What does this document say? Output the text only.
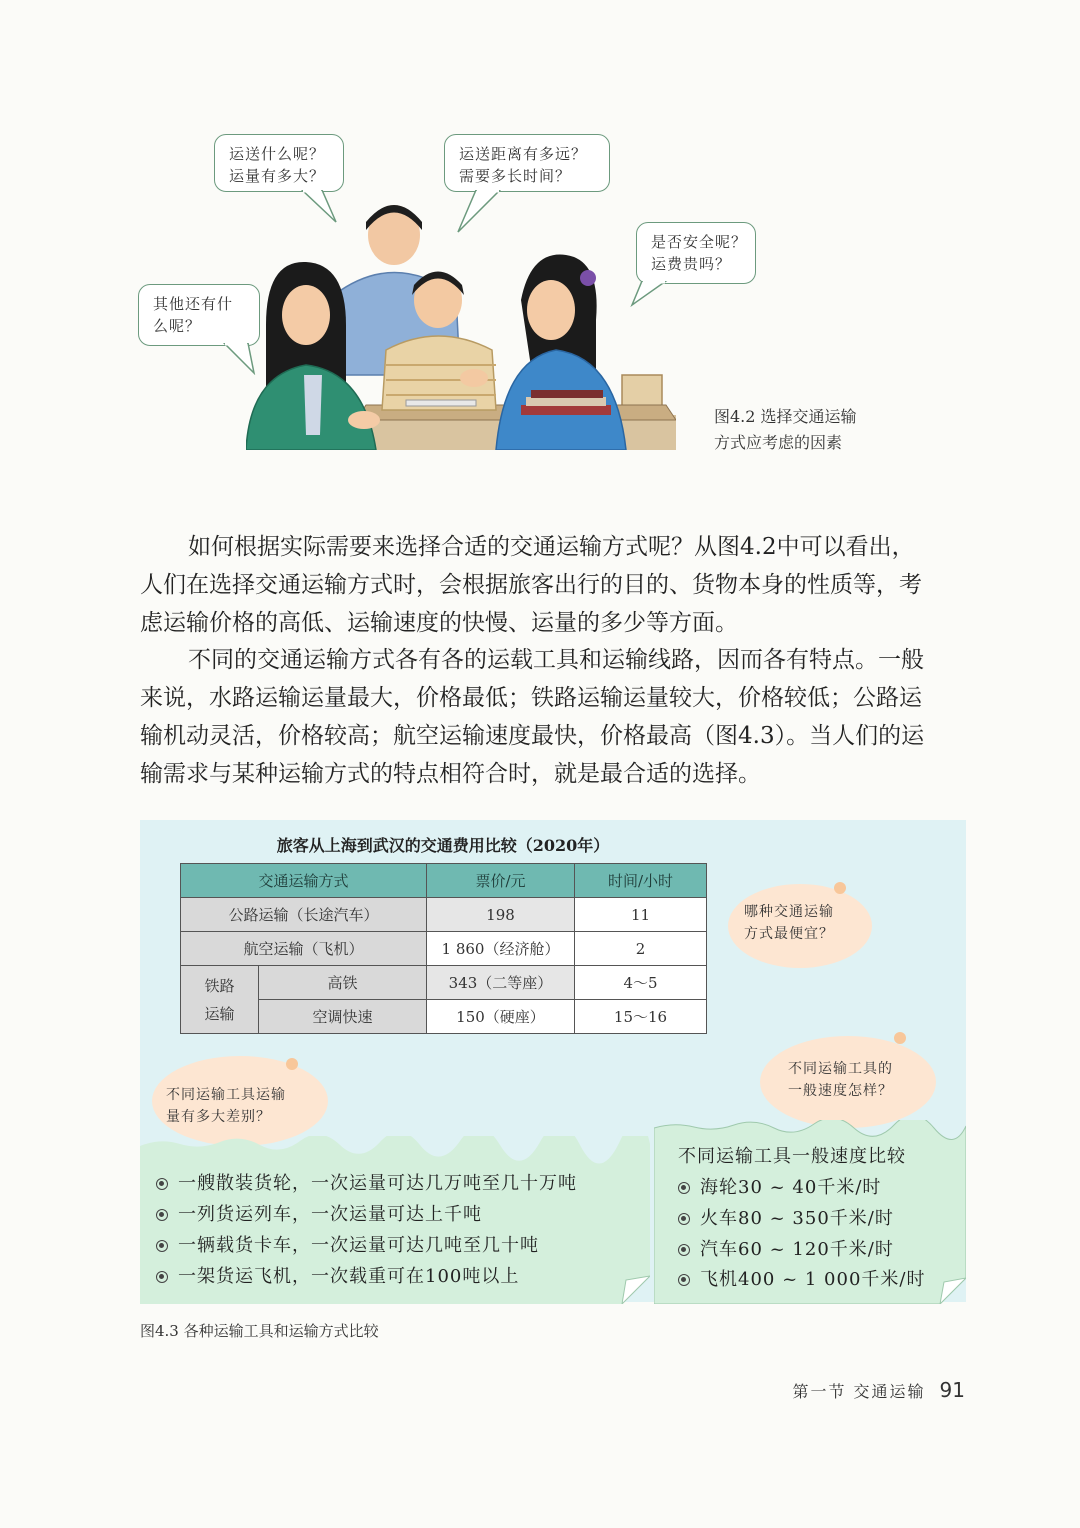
运送什么呢？
运量有多大？
运送距离有多远？
需要多长时间？
是否安全呢？
运费贵吗？
其他还有什
么呢？
图4.2 选择交通运输
方式应考虑的因素
如何根据实际需要来选择合适的交通运输方式呢？从图4.2中可以看出，
人们在选择交通运输方式时，会根据旅客出行的目的、货物本身的性质等，考
虑运输价格的高低、运输速度的快慢、运量的多少等方面。
不同的交通运输方式各有各的运载工具和运输线路，因而各有特点。一般
来说，水路运输运量最大，价格最低；铁路运输运量较大，价格较低；公路运
输机动灵活，价格较高；航空运输速度最快，价格最高（图4.3）。当人们的运
输需求与某种运输方式的特点相符合时，就是最合适的选择。
旅客从上海到武汉的交通费用比较（2020年）
交通运输方式		票价/元	时间/小时
公路运输（长途汽车）		198	11
航空运输（飞机）		1 860（经济舱）	2

铁路
运输	高铁	343（二等座）	4～5
	空调快速	150（硬座）	15～16
哪种交通运输
方式最便宜？
不同运输工具运输
量有多大差别？
不同运输工具的
一般速度怎样？
一艘散装货轮，一次运量可达几万吨至几十万吨
一列货运列车，一次运量可达上千吨
一辆载货卡车，一次运量可达几吨至几十吨
一架货运飞机，一次载重可在100吨以上
不同运输工具一般速度比较
海轮30 ~ 40千米/时
火车80 ~ 350千米/时
汽车60 ~ 120千米/时
飞机400 ~ 1 000千米/时
图4.3 各种运输工具和运输方式比较
第一节 交通运输 91
